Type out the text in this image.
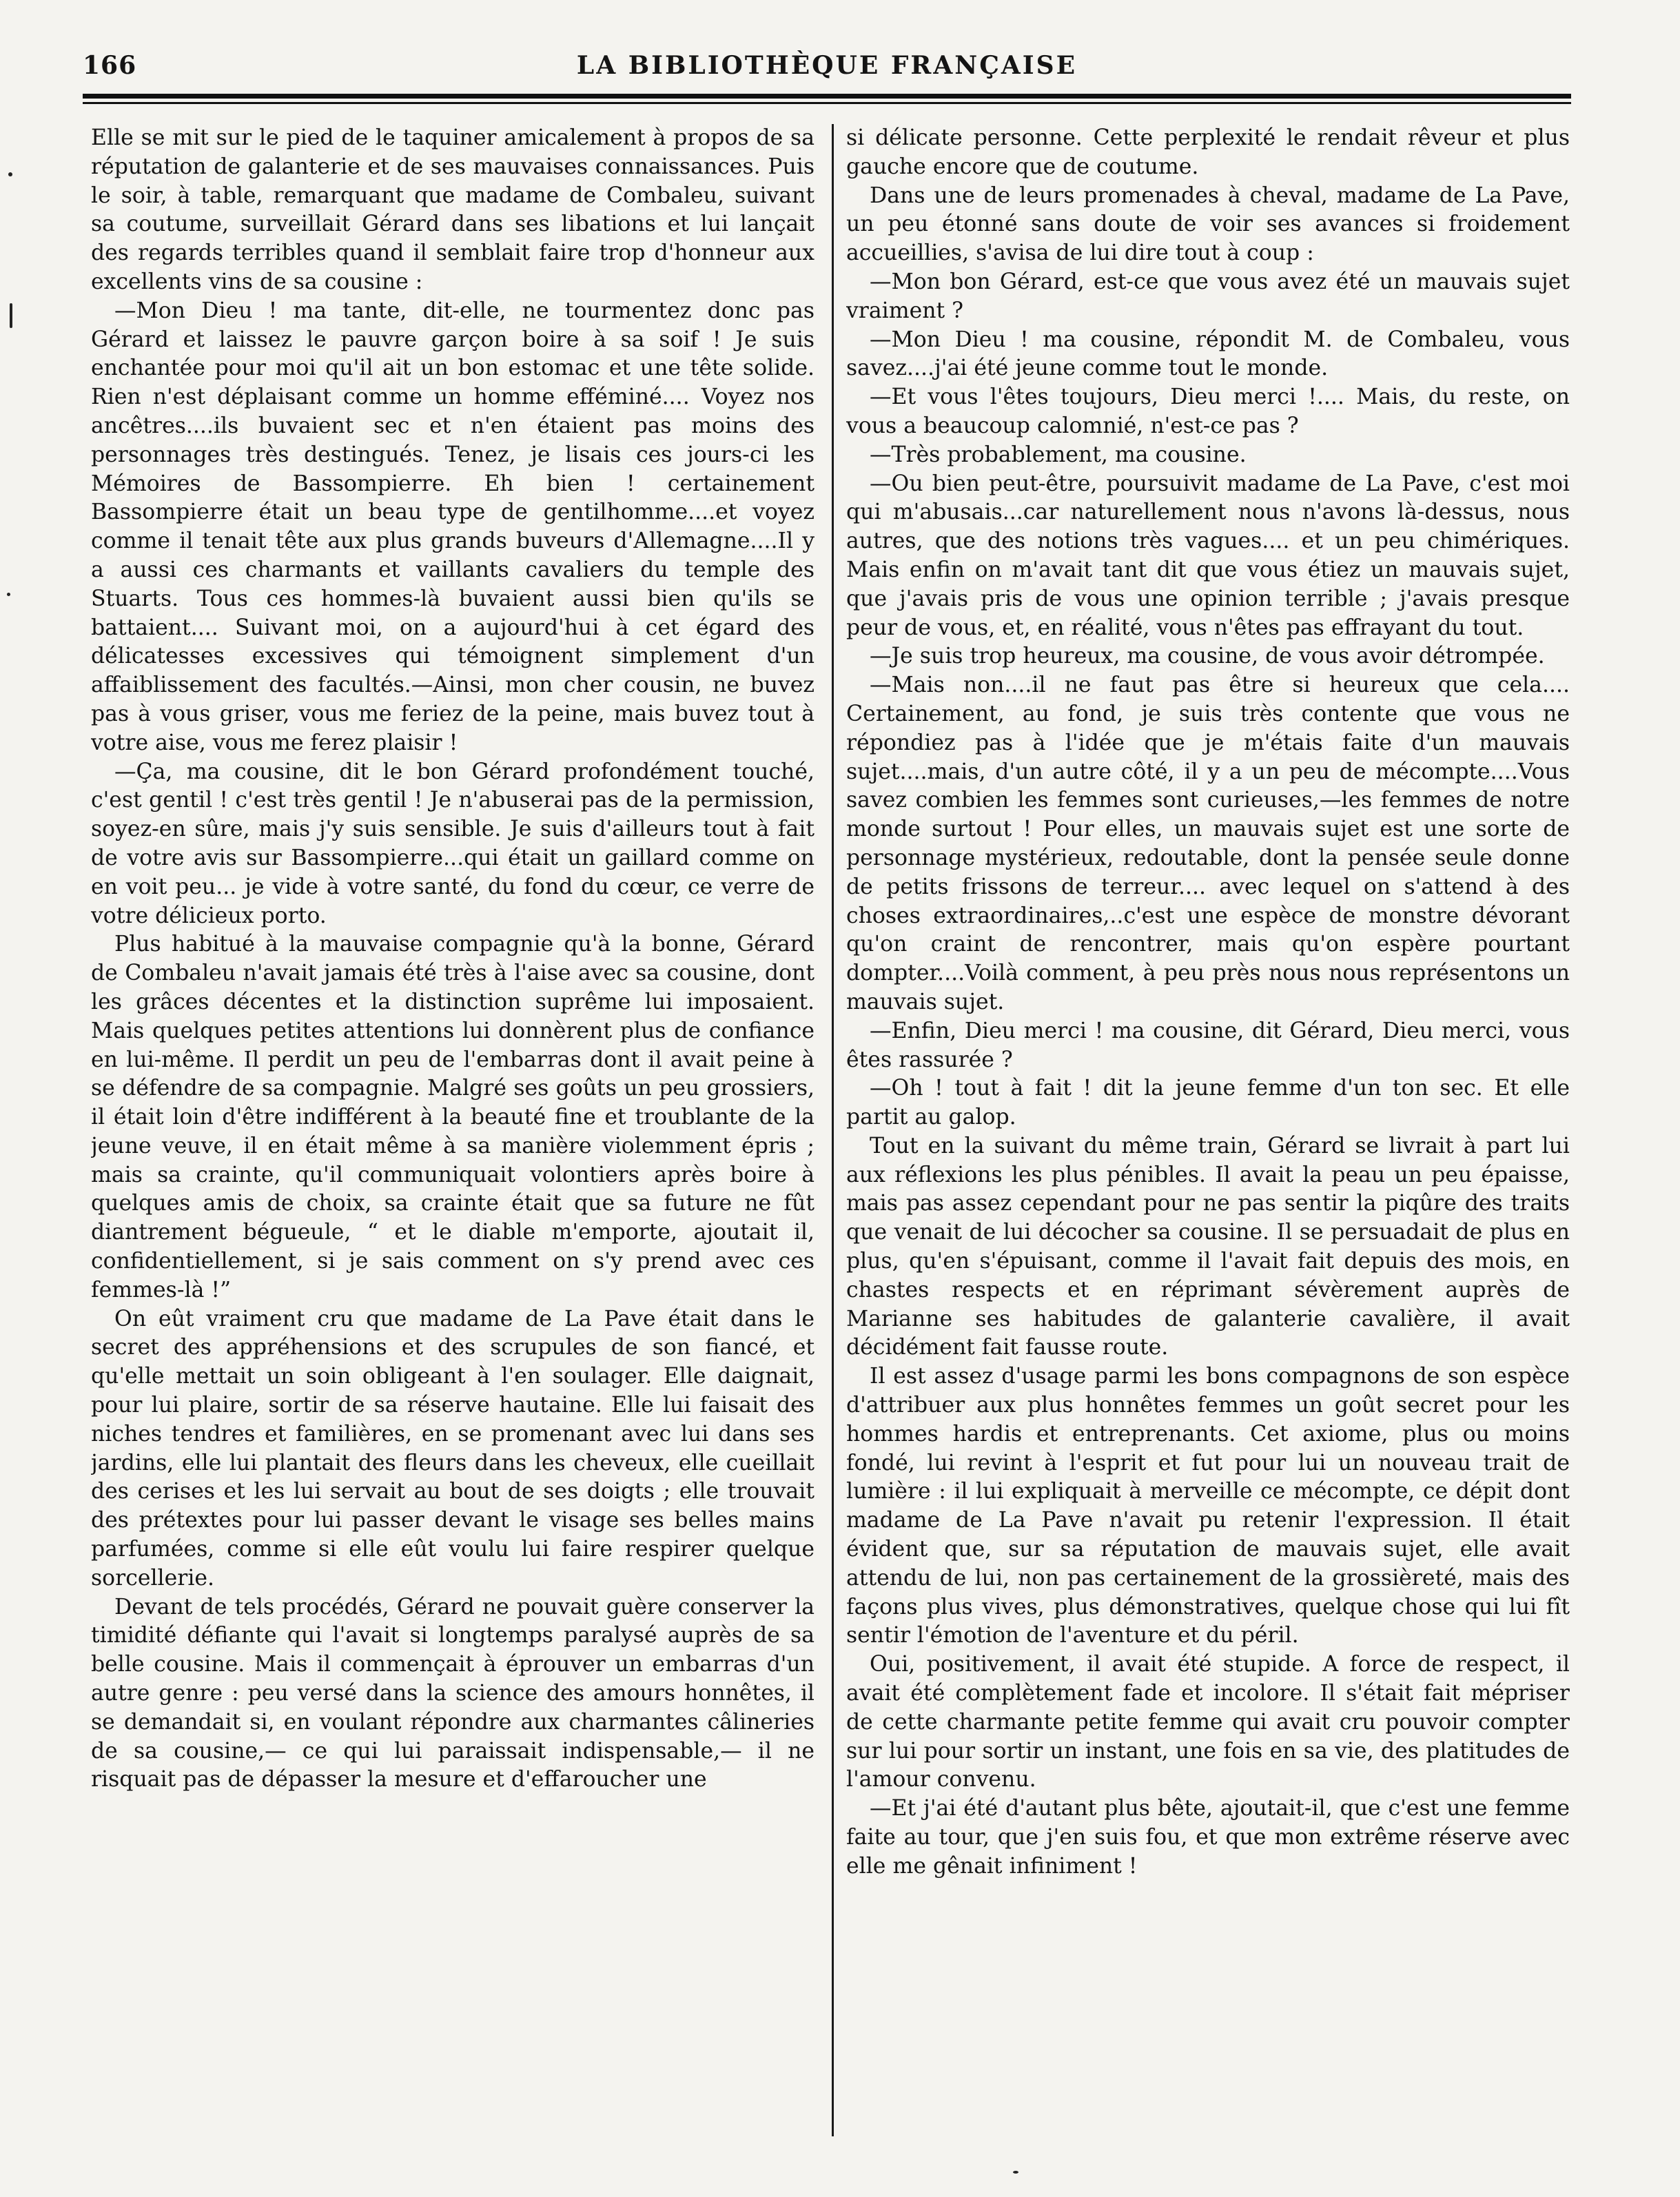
166	LA BIBLIOTHÈQUE FRANÇAISE

Elle se mit sur le pied de le taquiner amicalement à propos de sa réputation de galanterie et de ses mauvaises connaissances. Puis le soir, à table, remarquant que madame de Combaleu, suivant sa coutume, surveillait Gérard dans ses libations et lui lançait des regards terribles quand il semblait faire trop d'honneur aux excellents vins de sa cousine :

—Mon Dieu ! ma tante, dit-elle, ne tourmentez donc pas Gérard et laissez le pauvre garçon boire à sa soif ! Je suis enchantée pour moi qu'il ait un bon estomac et une tête solide. Rien n'est déplaisant comme un homme efféminé.... Voyez nos ancêtres....ils buvaient sec et n'en étaient pas moins des personnages très destingués. Tenez, je lisais ces jours-ci les Mémoires de Bassompierre. Eh bien ! certainement Bassompierre était un beau type de gentilhomme....et voyez comme il tenait tête aux plus grands buveurs d'Allemagne....Il y a aussi ces charmants et vaillants cavaliers du temple des Stuarts. Tous ces hommes-là buvaient aussi bien qu'ils se battaient.... Suivant moi, on a aujourd'hui à cet égard des délicatesses excessives qui témoignent simplement d'un affaiblissement des facultés.—Ainsi, mon cher cousin, ne buvez pas à vous griser, vous me feriez de la peine, mais buvez tout à votre aise, vous me ferez plaisir !

—Ça, ma cousine, dit le bon Gérard profondément touché, c'est gentil ! c'est très gentil ! Je n'abuserai pas de la permission, soyez-en sûre, mais j'y suis sensible. Je suis d'ailleurs tout à fait de votre avis sur Bassompierre...qui était un gaillard comme on en voit peu... je vide à votre santé, du fond du cœur, ce verre de votre délicieux porto.

Plus habitué à la mauvaise compagnie qu'à la bonne, Gérard de Combaleu n'avait jamais été très à l'aise avec sa cousine, dont les grâces décentes et la distinction suprême lui imposaient. Mais quelques petites attentions lui donnèrent plus de confiance en lui-même. Il perdit un peu de l'embarras dont il avait peine à se défendre de sa compagnie. Malgré ses goûts un peu grossiers, il était loin d'être indifférent à la beauté fine et troublante de la jeune veuve, il en était même à sa manière violemment épris ; mais sa crainte, qu'il communiquait volontiers après boire à quelques amis de choix, sa crainte était que sa future ne fût diantrement bégueule, “ et le diable m'emporte, ajoutait il, confidentiellement, si je sais comment on s'y prend avec ces femmes-là !”

On eût vraiment cru que madame de La Pave était dans le secret des appréhensions et des scrupules de son fiancé, et qu'elle mettait un soin obligeant à l'en soulager. Elle daignait, pour lui plaire, sortir de sa réserve hautaine. Elle lui faisait des niches tendres et familières, en se promenant avec lui dans ses jardins, elle lui plantait des fleurs dans les cheveux, elle cueillait des cerises et les lui servait au bout de ses doigts ; elle trouvait des prétextes pour lui passer devant le visage ses belles mains parfumées, comme si elle eût voulu lui faire respirer quelque sorcellerie.

Devant de tels procédés, Gérard ne pouvait guère conserver la timidité défiante qui l'avait si longtemps paralysé auprès de sa belle cousine. Mais il commençait à éprouver un embarras d'un autre genre : peu versé dans la science des amours honnêtes, il se demandait si, en voulant répondre aux charmantes câlineries de sa cousine,— ce qui lui paraissait indispensable,— il ne risquait pas de dépasser la mesure et d'effaroucher une

si délicate personne. Cette perplexité le rendait rêveur et plus gauche encore que de coutume.

Dans une de leurs promenades à cheval, madame de La Pave, un peu étonné sans doute de voir ses avances si froidement accueillies, s'avisa de lui dire tout à coup :

—Mon bon Gérard, est-ce que vous avez été un mauvais sujet vraiment ?

—Mon Dieu ! ma cousine, répondit M. de Combaleu, vous savez....j'ai été jeune comme tout le monde.

—Et vous l'êtes toujours, Dieu merci !.... Mais, du reste, on vous a beaucoup calomnié, n'est-ce pas ?

—Très probablement, ma cousine.

—Ou bien peut-être, poursuivit madame de La Pave, c'est moi qui m'abusais...car naturellement nous n'avons là-dessus, nous autres, que des notions très vagues.... et un peu chimériques. Mais enfin on m'avait tant dit que vous étiez un mauvais sujet, que j'avais pris de vous une opinion terrible ; j'avais presque peur de vous, et, en réalité, vous n'êtes pas effrayant du tout.

—Je suis trop heureux, ma cousine, de vous avoir détrompée.

—Mais non....il ne faut pas être si heureux que cela.... Certainement, au fond, je suis très contente que vous ne répondiez pas à l'idée que je m'étais faite d'un mauvais sujet....mais, d'un autre côté, il y a un peu de mécompte....Vous savez combien les femmes sont curieuses,—les femmes de notre monde surtout ! Pour elles, un mauvais sujet est une sorte de personnage mystérieux, redoutable, dont la pensée seule donne de petits frissons de terreur.... avec lequel on s'attend à des choses extraordinaires,..c'est une espèce de monstre dévorant qu'on craint de rencontrer, mais qu'on espère pourtant dompter....Voilà comment, à peu près nous nous représentons un mauvais sujet.

—Enfin, Dieu merci ! ma cousine, dit Gérard, Dieu merci, vous êtes rassurée ?

—Oh ! tout à fait ! dit la jeune femme d'un ton sec. Et elle partit au galop.

Tout en la suivant du même train, Gérard se livrait à part lui aux réflexions les plus pénibles. Il avait la peau un peu épaisse, mais pas assez cependant pour ne pas sentir la piqûre des traits que venait de lui décocher sa cousine. Il se persuadait de plus en plus, qu'en s'épuisant, comme il l'avait fait depuis des mois, en chastes respects et en réprimant sévèrement auprès de Marianne ses habitudes de galanterie cavalière, il avait décidément fait fausse route.

Il est assez d'usage parmi les bons compagnons de son espèce d'attribuer aux plus honnêtes femmes un goût secret pour les hommes hardis et entreprenants. Cet axiome, plus ou moins fondé, lui revint à l'esprit et fut pour lui un nouveau trait de lumière : il lui expliquait à merveille ce mécompte, ce dépit dont madame de La Pave n'avait pu retenir l'expression. Il était évident que, sur sa réputation de mauvais sujet, elle avait attendu de lui, non pas certainement de la grossièreté, mais des façons plus vives, plus démonstratives, quelque chose qui lui fît sentir l'émotion de l'aventure et du péril.

Oui, positivement, il avait été stupide. A force de respect, il avait été complètement fade et incolore. Il s'était fait mépriser de cette charmante petite femme qui avait cru pouvoir compter sur lui pour sortir un instant, une fois en sa vie, des platitudes de l'amour convenu.

—Et j'ai été d'autant plus bête, ajoutait-il, que c'est une femme faite au tour, que j'en suis fou, et que mon extrême réserve avec elle me gênait infiniment !
